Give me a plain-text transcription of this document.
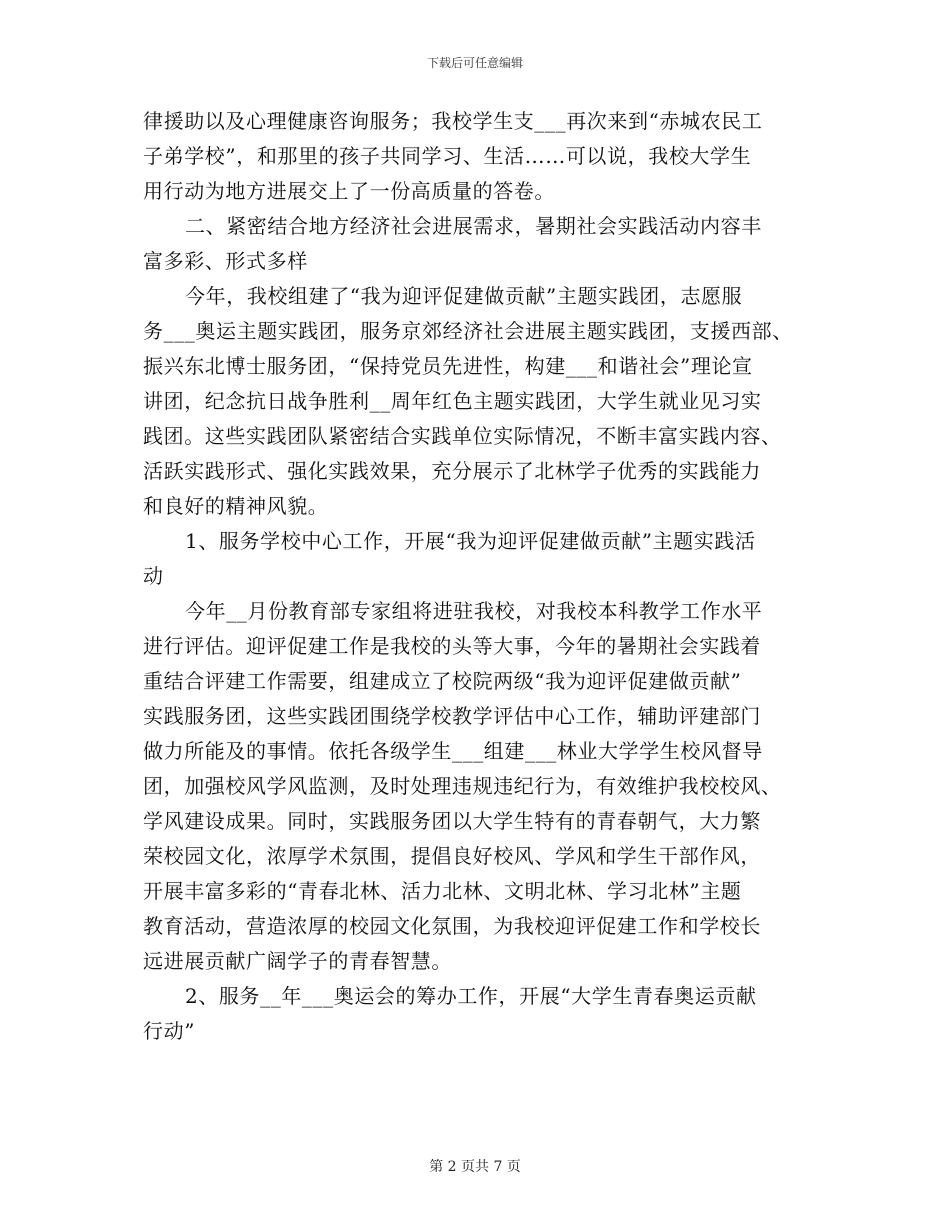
下载后可任意编辑
律援助以及心理健康咨询服务；我校学生支___再次来到“赤城农民工
子弟学校”，和那里的孩子共同学习、生活……可以说，我校大学生
用行动为地方进展交上了一份高质量的答卷。
二、紧密结合地方经济社会进展需求，暑期社会实践活动内容丰
富多彩、形式多样
今年，我校组建了“我为迎评促建做贡献”主题实践团，志愿服
务___奥运主题实践团，服务京郊经济社会进展主题实践团，支援西部、
振兴东北博士服务团，“保持党员先进性，构建___和谐社会”理论宣
讲团，纪念抗日战争胜利__周年红色主题实践团，大学生就业见习实
践团。这些实践团队紧密结合实践单位实际情况，不断丰富实践内容、
活跃实践形式、强化实践效果，充分展示了北林学子优秀的实践能力
和良好的精神风貌。
1、服务学校中心工作，开展“我为迎评促建做贡献”主题实践活
动
今年__月份教育部专家组将进驻我校，对我校本科教学工作水平
进行评估。迎评促建工作是我校的头等大事，今年的暑期社会实践着
重结合评建工作需要，组建成立了校院两级“我为迎评促建做贡献”
实践服务团，这些实践团围绕学校教学评估中心工作，辅助评建部门
做力所能及的事情。依托各级学生___组建___林业大学学生校风督导
团，加强校风学风监测，及时处理违规违纪行为，有效维护我校校风、
学风建设成果。同时，实践服务团以大学生特有的青春朝气，大力繁
荣校园文化，浓厚学术氛围，提倡良好校风、学风和学生干部作风，
开展丰富多彩的“青春北林、活力北林、文明北林、学习北林”主题
教育活动，营造浓厚的校园文化氛围，为我校迎评促建工作和学校长
远进展贡献广阔学子的青春智慧。
2、服务__年___奥运会的筹办工作，开展“大学生青春奥运贡献
行动”
第 2 页共 7 页
